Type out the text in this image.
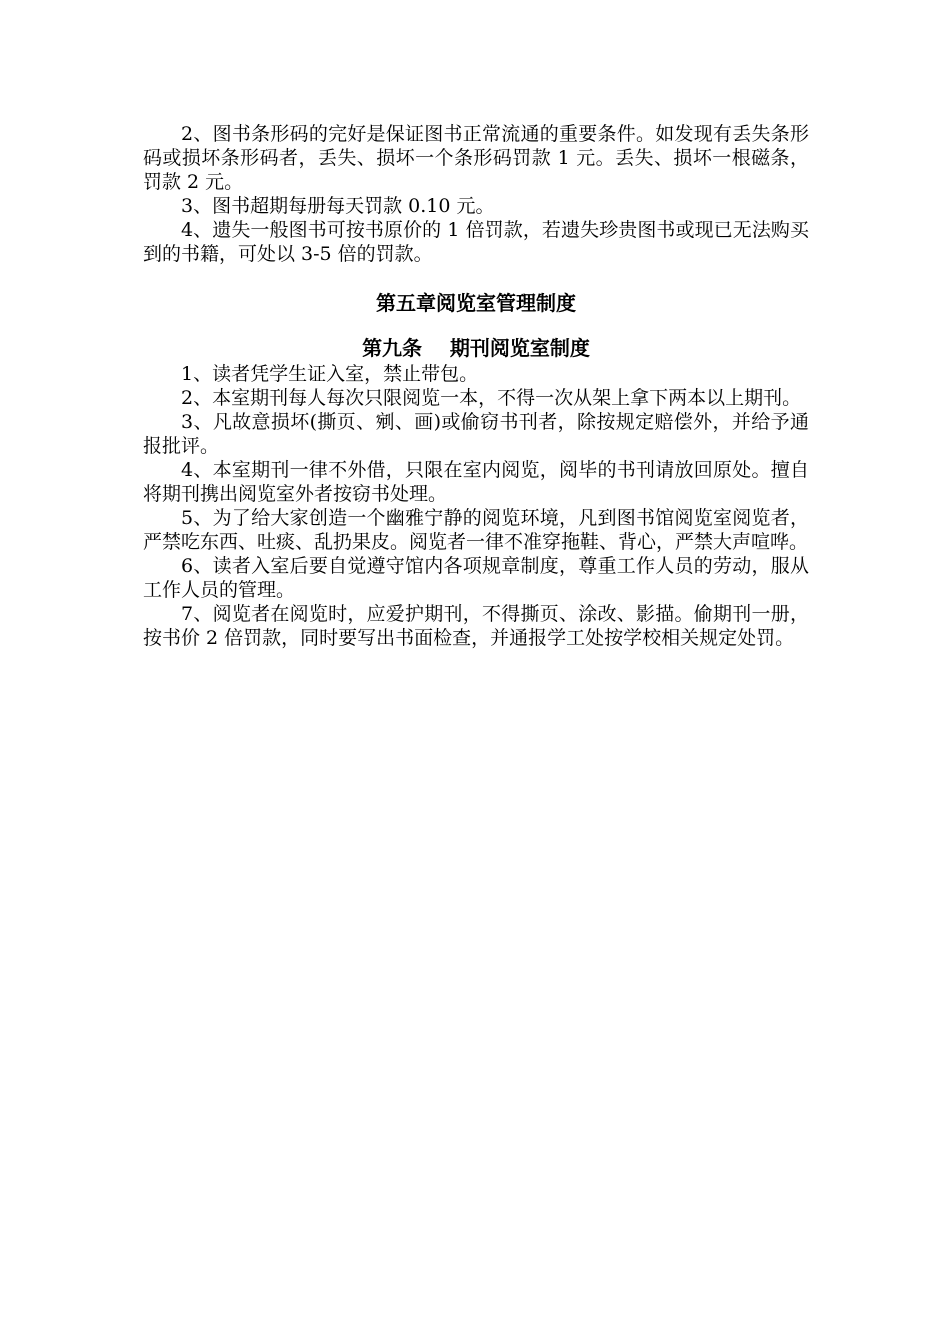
2、图书条形码的完好是保证图书正常流通的重要条件。如发现有丢失条形码或损坏条形码者，丢失、损坏一个条形码罚款 1 元。丢失、损坏一根磁条，罚款 2 元。

3、图书超期每册每天罚款 0.10 元。

4、遗失一般图书可按书原价的 1 倍罚款，若遗失珍贵图书或现已无法购买到的书籍，可处以 3-5 倍的罚款。

第五章阅览室管理制度
第九条    期刊阅览室制度

1、读者凭学生证入室，禁止带包。

2、本室期刊每人每次只限阅览一本，不得一次从架上拿下两本以上期刊。

3、凡故意损坏(撕页、剜、画)或偷窃书刊者，除按规定赔偿外，并给予通报批评。

4、本室期刊一律不外借，只限在室内阅览，阅毕的书刊请放回原处。擅自将期刊携出阅览室外者按窃书处理。

5、为了给大家创造一个幽雅宁静的阅览环境，凡到图书馆阅览室阅览者，严禁吃东西、吐痰、乱扔果皮。阅览者一律不准穿拖鞋、背心，严禁大声喧哗。

6、读者入室后要自觉遵守馆内各项规章制度，尊重工作人员的劳动，服从工作人员的管理。

7、阅览者在阅览时，应爱护期刊，不得撕页、涂改、影描。偷期刊一册，按书价 2 倍罚款，同时要写出书面检查，并通报学工处按学校相关规定处罚。
